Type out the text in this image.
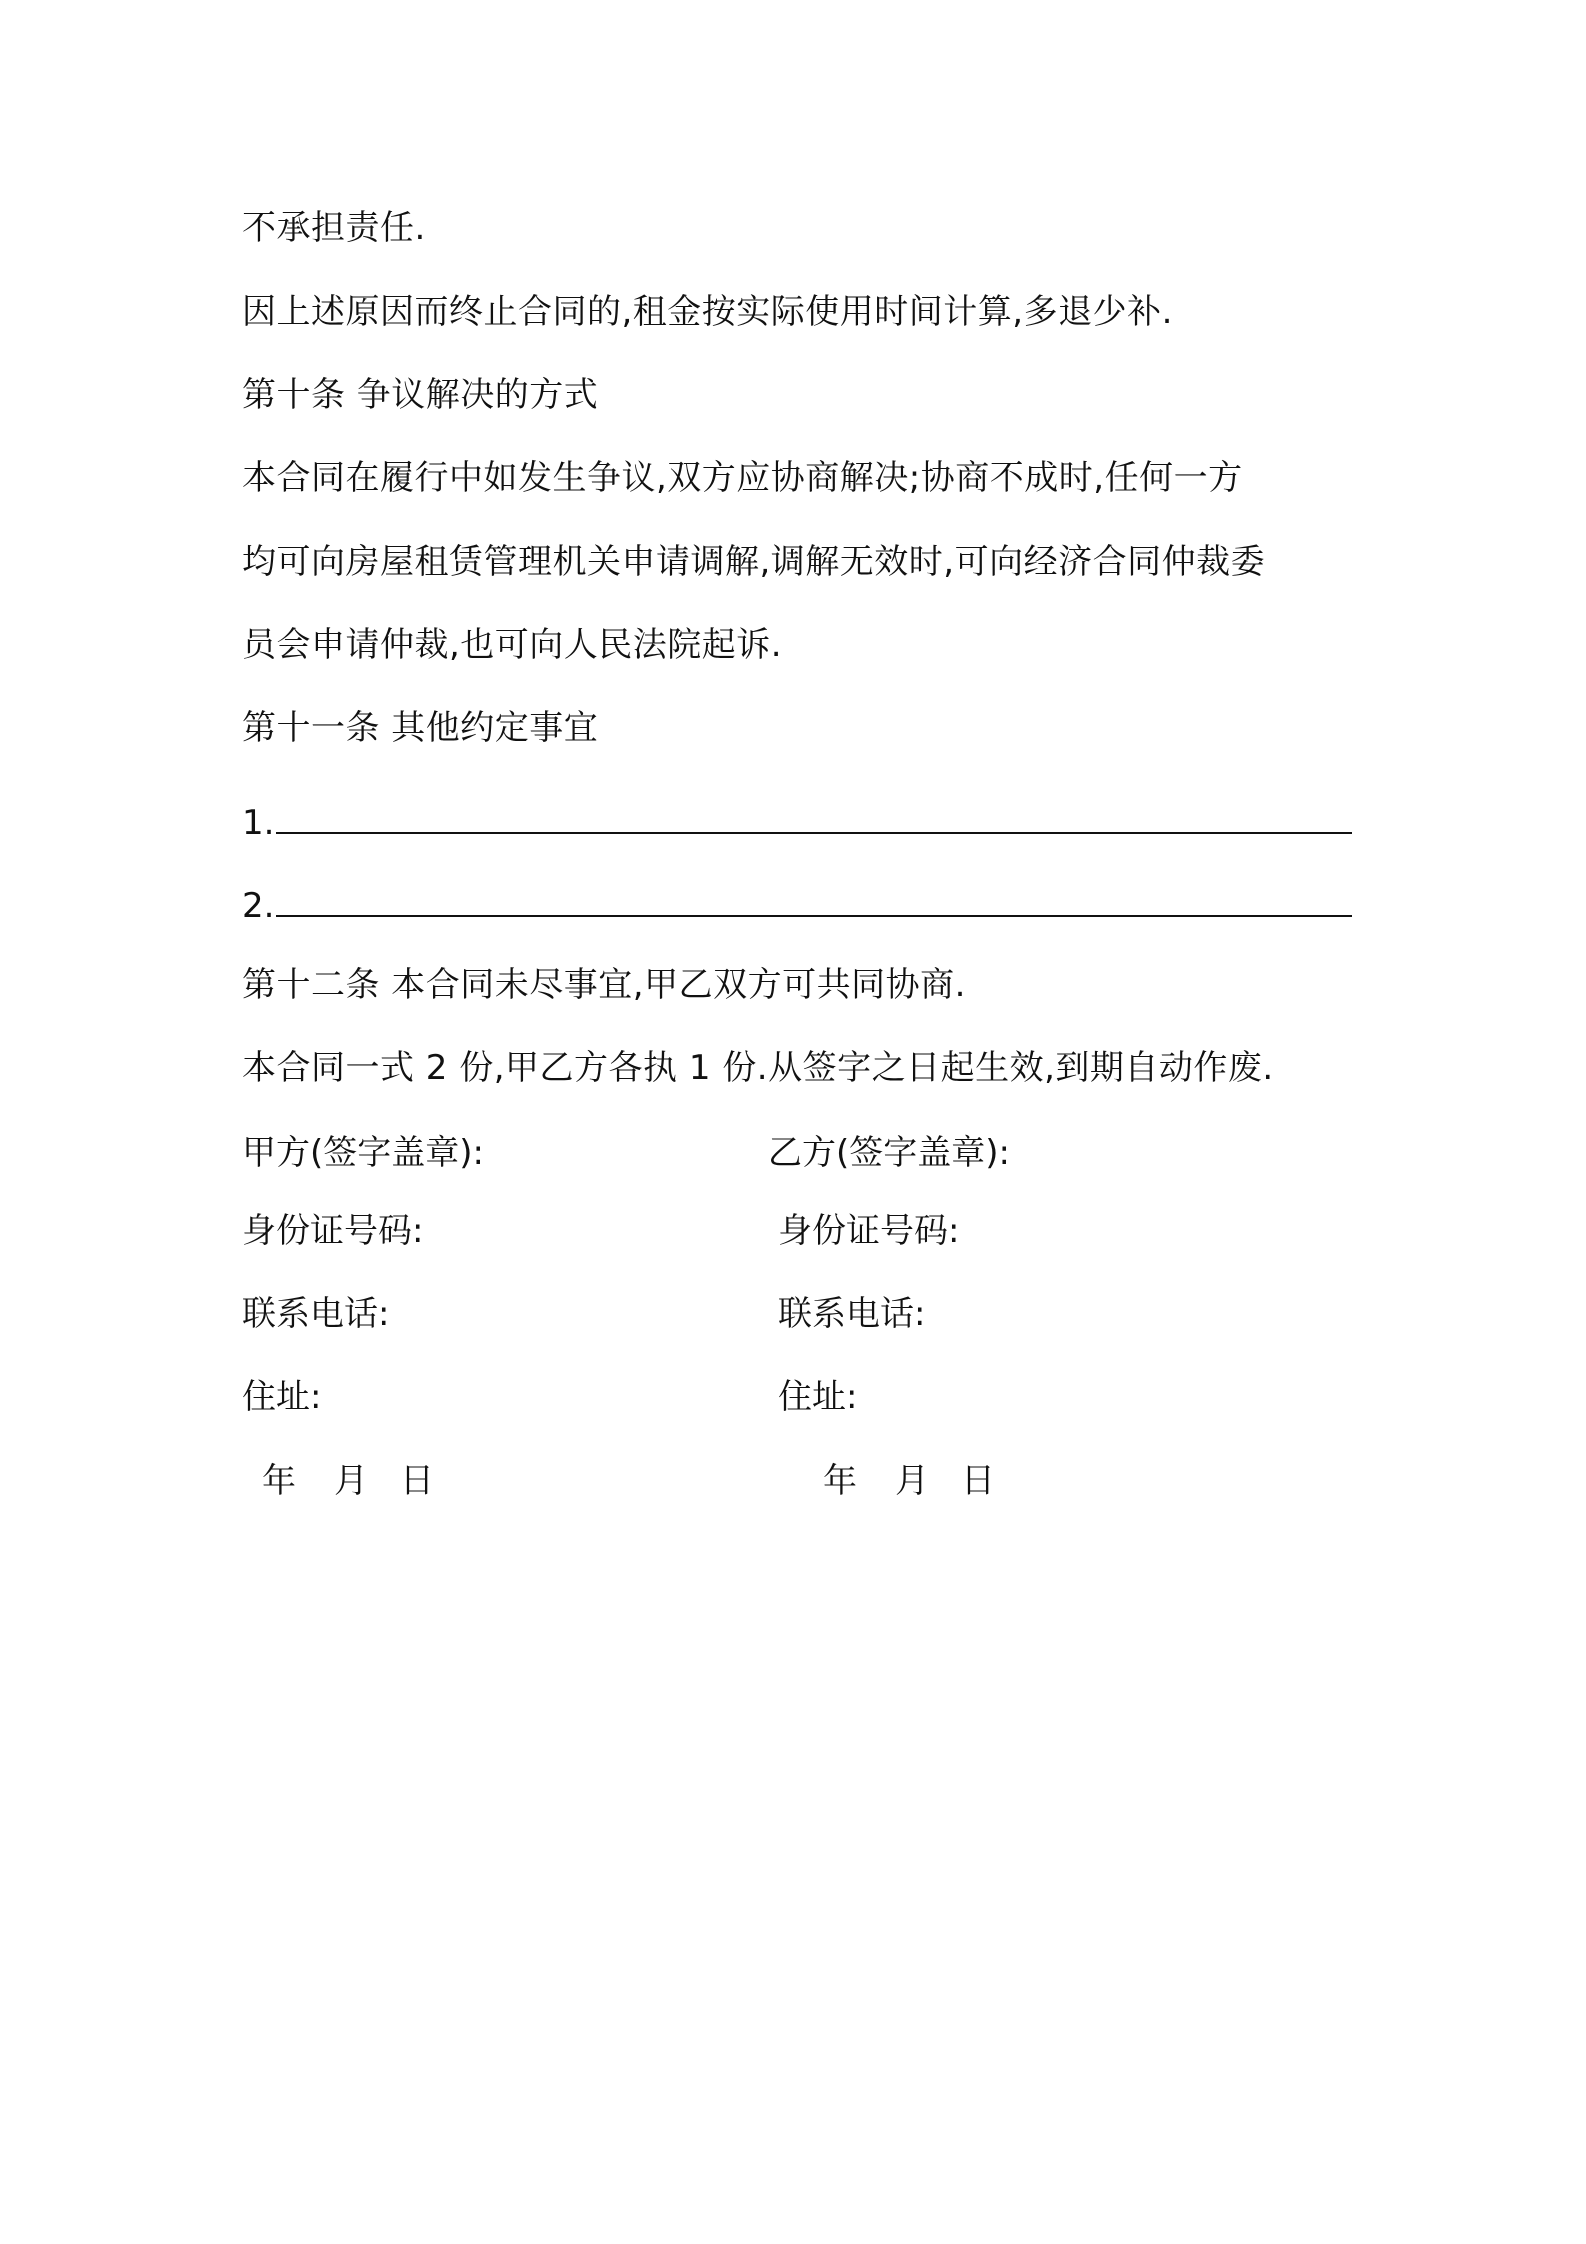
不承担责任.
因上述原因而终止合同的,租金按实际使用时间计算,多退少补.
第十条 争议解决的方式
本合同在履行中如发生争议,双方应协商解决;协商不成时,任何一方
均可向房屋租赁管理机关申请调解,调解无效时,可向经济合同仲裁委
员会申请仲裁,也可向人民法院起诉.
第十一条 其他约定事宜
1.
2.
第十二条 本合同未尽事宜,甲乙双方可共同协商.
本合同一式 2 份,甲乙方各执 1 份.从签字之日起生效,到期自动作废.
甲方(签字盖章):	乙方(签字盖章):
身份证号码:	身份证号码:
联系电话:	联系电话:
住址:	住址:
年 月 日	年 月 日
